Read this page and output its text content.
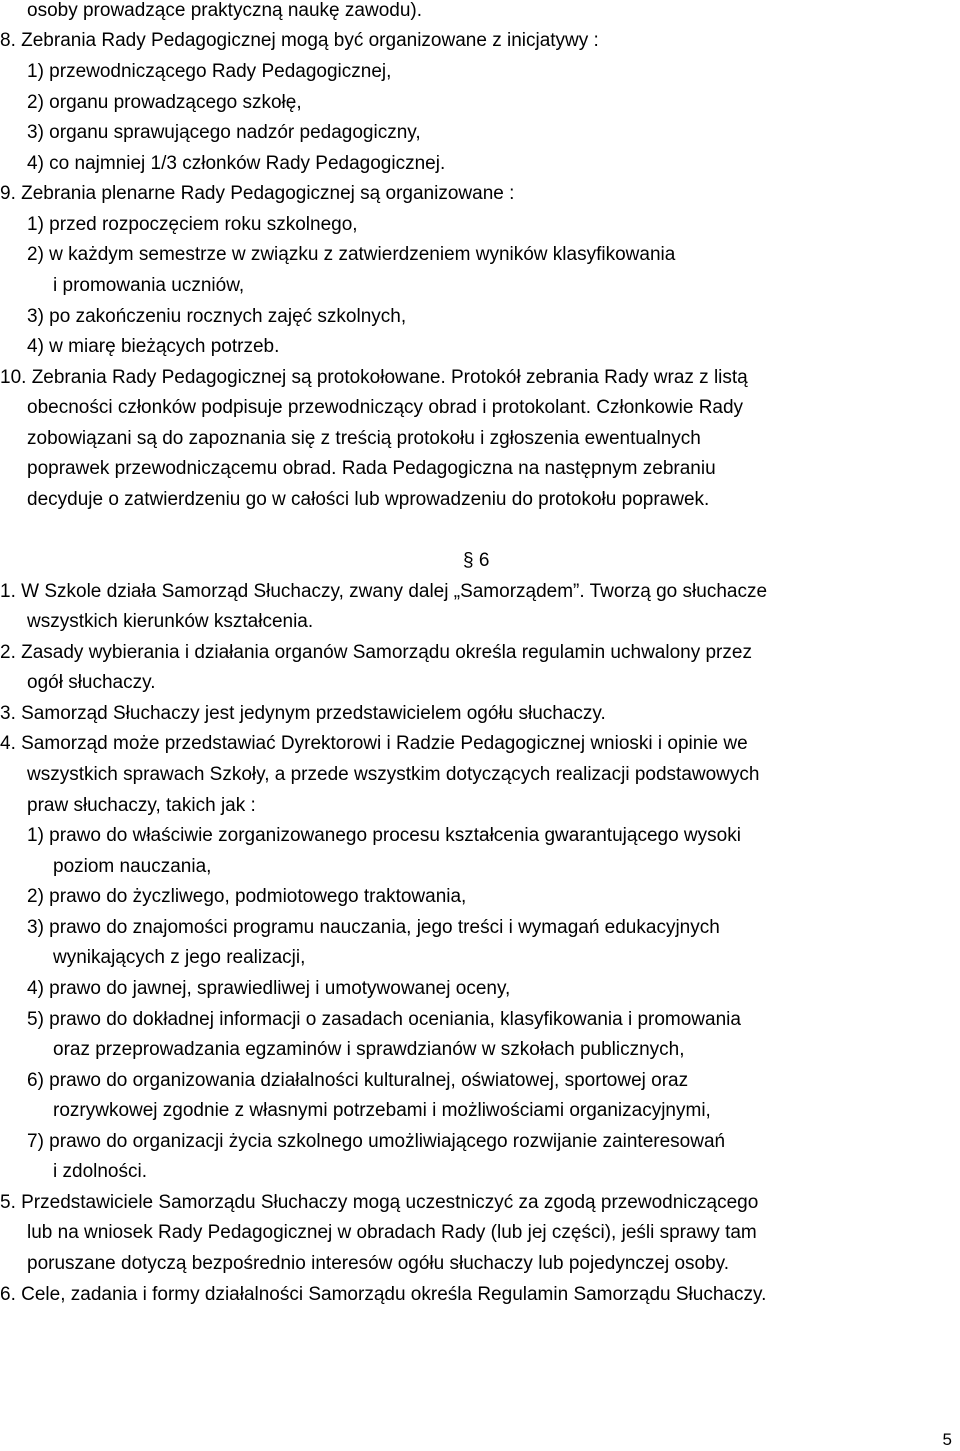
osoby prowadzące praktyczną naukę zawodu).
8. Zebrania Rady Pedagogicznej mogą być organizowane z inicjatywy :
1) przewodniczącego Rady Pedagogicznej,
2) organu prowadzącego szkołę,
3) organu sprawującego nadzór pedagogiczny,
4) co najmniej 1/3 członków Rady Pedagogicznej.
9. Zebrania plenarne Rady Pedagogicznej są organizowane :
1) przed rozpoczęciem roku szkolnego,
2) w każdym semestrze w związku z zatwierdzeniem wyników klasyfikowania
i promowania uczniów,
3) po zakończeniu rocznych zajęć szkolnych,
4) w miarę bieżących potrzeb.
10. Zebrania Rady Pedagogicznej są protokołowane. Protokół zebrania Rady wraz z listą
obecności członków podpisuje przewodniczący obrad i protokolant. Członkowie Rady
zobowiązani są do zapoznania się z treścią protokołu i zgłoszenia ewentualnych
poprawek przewodniczącemu obrad. Rada Pedagogiczna na następnym zebraniu
decyduje o zatwierdzeniu go w całości lub wprowadzeniu do protokołu poprawek.
§ 6
1. W Szkole działa Samorząd Słuchaczy, zwany dalej „Samorządem”. Tworzą go słuchacze
wszystkich kierunków kształcenia.
2. Zasady wybierania i działania organów Samorządu określa regulamin uchwalony przez
ogół słuchaczy.
3. Samorząd Słuchaczy jest jedynym przedstawicielem ogółu słuchaczy.
4. Samorząd może przedstawiać Dyrektorowi i Radzie Pedagogicznej wnioski i opinie we
wszystkich sprawach Szkoły, a przede wszystkim dotyczących realizacji podstawowych
praw słuchaczy, takich jak :
1) prawo do właściwie zorganizowanego procesu kształcenia gwarantującego wysoki
poziom nauczania,
2) prawo do życzliwego, podmiotowego traktowania,
3) prawo do znajomości programu nauczania, jego treści i wymagań edukacyjnych
wynikających z jego realizacji,
4) prawo do jawnej, sprawiedliwej i umotywowanej oceny,
5) prawo do dokładnej informacji o zasadach oceniania, klasyfikowania i promowania
oraz przeprowadzania egzaminów i sprawdzianów w szkołach publicznych,
6) prawo do organizowania działalności kulturalnej, oświatowej, sportowej oraz
rozrywkowej zgodnie z własnymi potrzebami i możliwościami organizacyjnymi,
7) prawo do organizacji życia szkolnego umożliwiającego rozwijanie zainteresowań
i zdolności.
5. Przedstawiciele Samorządu Słuchaczy mogą uczestniczyć za zgodą przewodniczącego
lub na wniosek Rady Pedagogicznej w obradach Rady (lub jej części), jeśli sprawy tam
poruszane dotyczą bezpośrednio interesów ogółu słuchaczy lub pojedynczej osoby.
6. Cele, zadania i formy działalności Samorządu określa Regulamin Samorządu Słuchaczy.
5
